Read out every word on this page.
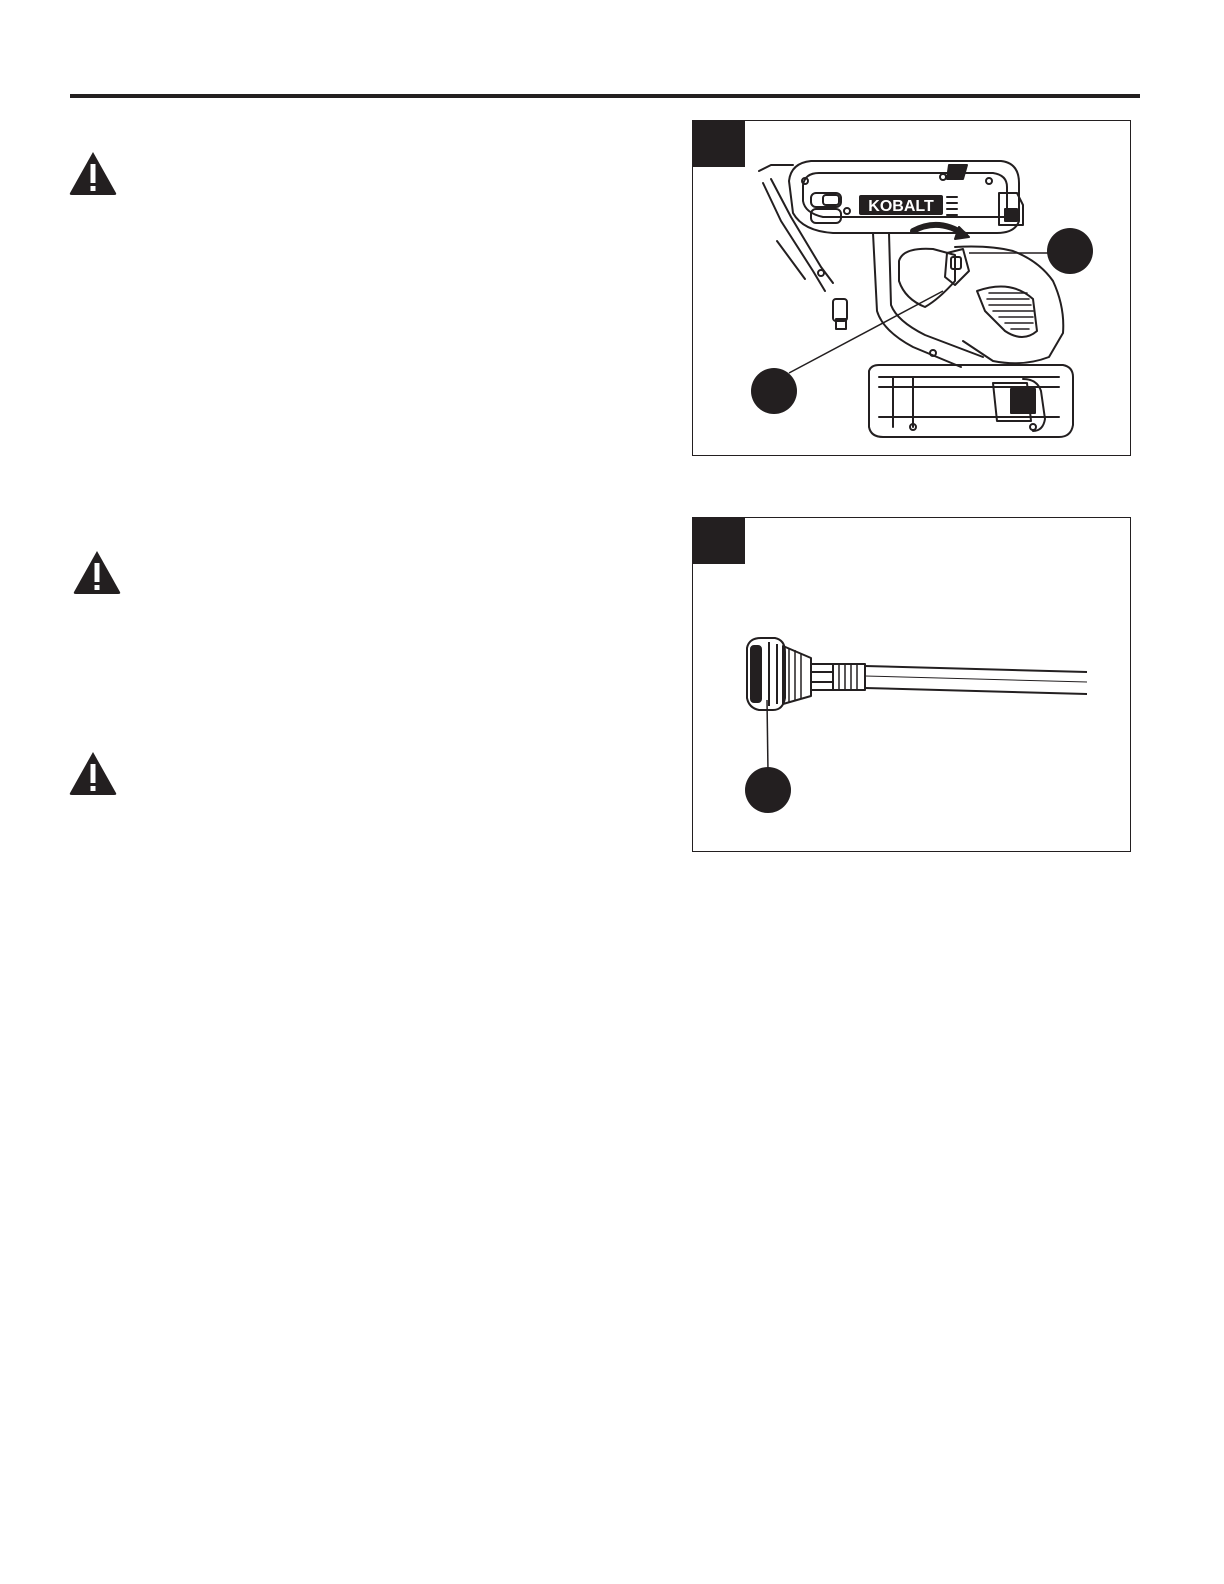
KOBALT
